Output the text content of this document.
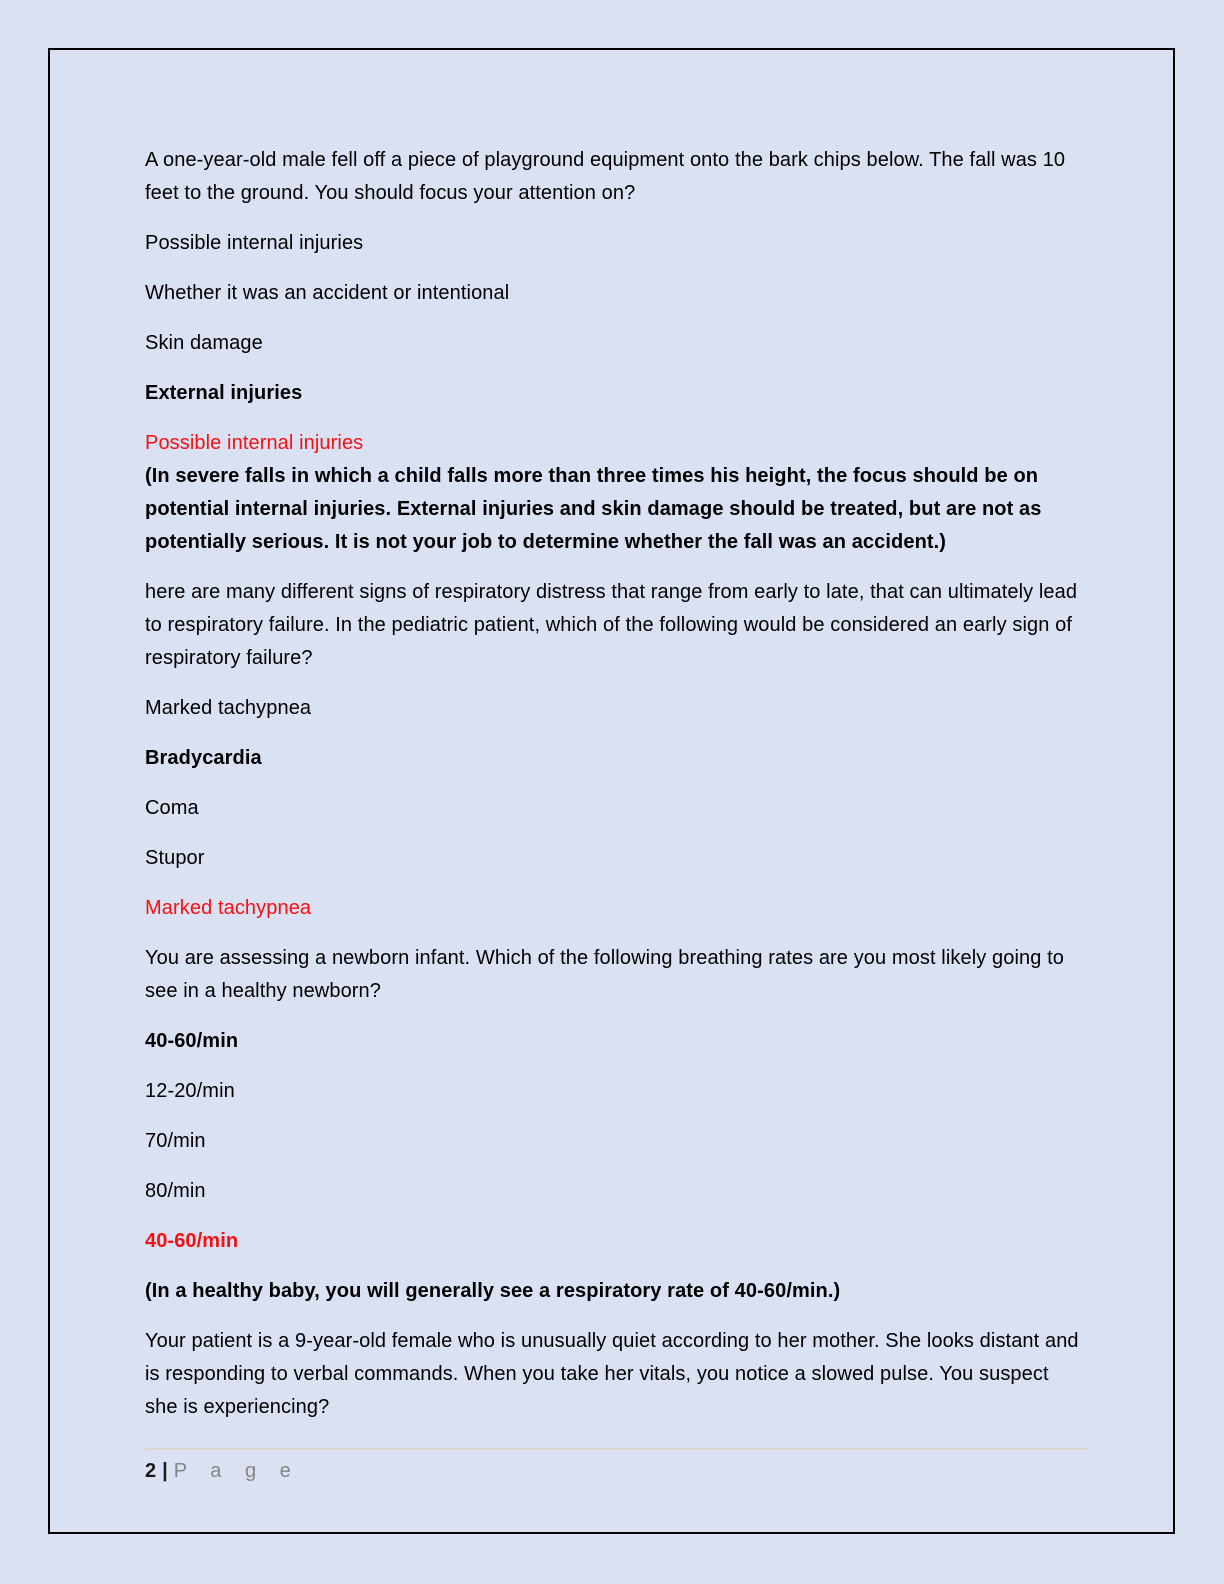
A one-year-old male fell off a piece of playground equipment onto the bark chips below. The fall was 10 feet to the ground. You should focus your attention on?

Possible internal injuries

Whether it was an accident or intentional

Skin damage

External injuries

Possible internal injuries

(In severe falls in which a child falls more than three times his height, the focus should be on potential internal injuries. External injuries and skin damage should be treated, but are not as potentially serious. It is not your job to determine whether the fall was an accident.)

here are many different signs of respiratory distress that range from early to late, that can ultimately lead to respiratory failure. In the pediatric patient, which of the following would be considered an early sign of respiratory failure?

Marked tachypnea

Bradycardia

Coma

Stupor

Marked tachypnea

You are assessing a newborn infant. Which of the following breathing rates are you most likely going to see in a healthy newborn?

40-60/min

12-20/min

70/min

80/min

40-60/min

(In a healthy baby, you will generally see a respiratory rate of 40-60/min.)

Your patient is a 9-year-old female who is unusually quiet according to her mother. She looks distant and is responding to verbal commands. When you take her vitals, you notice a slowed pulse. You suspect she is experiencing?

2 | P a g e
